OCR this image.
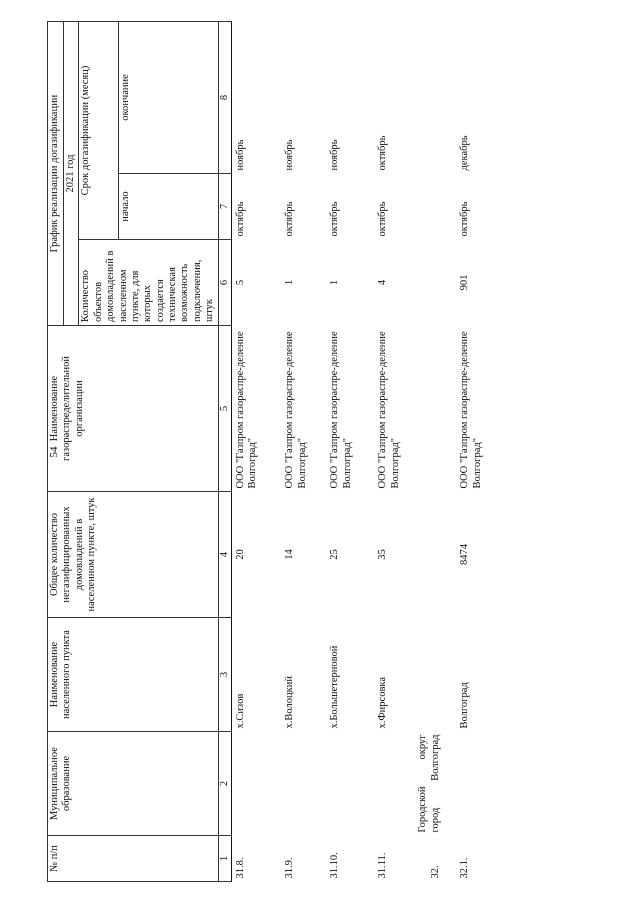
54
№ п/п	Муниципальное образование	Наименование населенного пункта	Общее количество негазифицированных домовладений в населенном пункте, штук	Наименование газораспределительной организации	График реализации догазификации		
					2021 год		
					Количество объектов домовладений в населенном пункте, для которых создается техническая возможность подключения, штук	Срок догазификации (месяц)	
						начало	окончание
1	2	3	4	5	6	7	8
31.8.		х.Сизов	20	ООО "Газпром газораспре-деление Волгоград"	5	октябрь	ноябрь
31.9.		х.Волоцкий	14	ООО "Газпром газораспре-деление Волгоград"	1	октябрь	ноябрь
31.10.		х.Большетерновой	25	ООО "Газпром газораспре-деление Волгоград"	1	октябрь	ноябрь
31.11.		х.Фирсовка	35	ООО "Газпром газораспре-деление Волгоград"	4	октябрь	октябрь
32.	Городской округ город Волгоград						
32.1.		Волгоград	8474	ООО "Газпром газораспре-деление Волгоград"	901	октябрь	декабрь
